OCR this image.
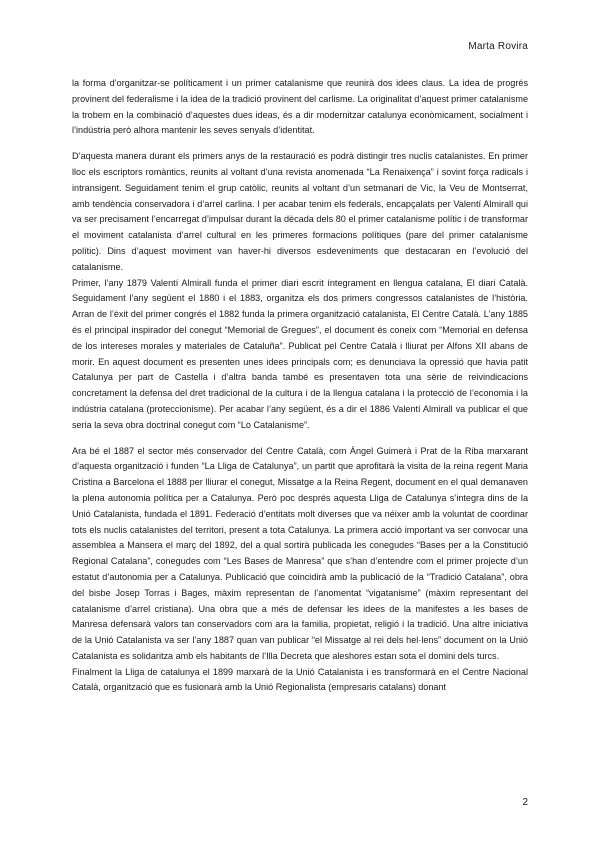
Marta Rovira

la forma d’organitzar-se políticament i un primer catalanisme que reunirà dos idees claus. La idea de progrés provinent del federalisme i la idea de la tradició provinent del carlisme. La originalitat d’aquest primer catalanisme la trobem en la combinació d’aquestes dues ideas, és a dir modernitzar catalunya econòmicament, socialment i l’indústria però alhora mantenir les seves senyals d’identitat.

D’aquesta manera durant els primers anys de la restauració es podrà distingir tres nuclis catalanistes. En primer lloc els escriptors romàntics, reunits al voltant d’una revista anomenada “La Renaixença” i sovint força radicals i intransigent. Seguidament tenim el grup catòlic, reunits al voltant d’un setmanari de Vic, la Veu de Montserrat, amb tendència conservadora i d’arrel carlina. I per acabar tenim els federals, encapçalats per Valentí Almirall qui va ser precisament l’encarregat d’impulsar durant la dècada dels 80 el primer catalanisme polític i de transformar el moviment catalanista d’arrel cultural en les primeres formacions polítiques (pare del primer catalanisme polític). Dins d’aquest moviment van haver-hi diversos esdeveniments que destacaran en l’evolució del catalanisme.

Primer, l’any 1879 Valentí Almirall funda el primer diari escrit íntegrament en llengua catalana, El diari Català. Seguidament l’any següent el 1880 i el 1883, organitza els dos primers congressos catalanistes de l’història. Arran de l’èxit del primer congrés el 1882 funda la primera organització catalanista, El Centre Català. L’any 1885 és el principal inspirador del conegut “Memorial de Gregues”, el document és coneix com “Memorial en defensa de los intereses morales y materiales de Cataluña”. Publicat pel Centre Català i lliurat per Alfons XII abans de morir. En aquest document es presenten unes idees principals com; es denunciava la opressió que havia patit Catalunya per part de Castella i d’altra banda també es presentaven tota una sèrie de reivindicacions concretament la defensa del dret tradicional de la cultura i de la llengua catalana i la protecció de l’economia i la indústria catalana (proteccionisme). Per acabar l’any següent, és a dir el 1886 Valentí Almirall va publicar el que seria la seva obra doctrinal conegut com “Lo Catalanisme”.

Ara bé el 1887 el sector més conservador del Centre Català, com Àngel Guimerà i Prat de la Riba marxarant d’aquesta organització i funden “La Lliga de Catalunya”, un partit que aprofitarà la visita de la reina regent Maria Cristina a Barcelona el 1888 per lliurar el conegut, Missatge a la Reina Regent, document en el qual demanaven la plena autonomia política per a Catalunya. Però poc després aquesta Lliga de Catalunya s’integra dins de la Unió Catalanista, fundada el 1891. Federació d’entitats molt diverses que va néixer amb la voluntat de coordinar tots els nuclis catalanistes del territori, present a tota Catalunya. La primera acció important va ser convocar una assemblea a Mansera el març del 1892, del a qual sortirà publicada les conegudes “Bases per a la Constitució Regional Catalana”, conegudes com “Les Bases de Manresa” que s’han d’entendre com el primer projecte d’un estatut d’autonomia per a Catalunya. Publicació que coincidirà amb la publicació de la “Tradició Catalana”, obra del bisbe Josep Torras i Bages, màxim representan de l’anomentat “vigatanisme” (màxim representant del catalanisme d’arrel cristiana). Una obra que a més de defensar les idees de la manifestes a les bases de Manresa defensarà valors tan conservadors com ara la familia, propietat, religió i la tradició. Una altre iniciativa de la Unió Catalanista va ser l’any 1887 quan van publicar “el Missatge al rei dels hel·lens” document on la Unió Catalanista es solidaritza amb els habitants de l’Illa Decreta que aleshores estan sota el domini dels turcs.

Finalment la Lliga de catalunya el 1899 marxarà de la Unió Catalanista i es transformarà en el Centre Nacional Català, organització que es fusionarà amb la Unió Regionalista (empresaris catalans) donant

2
